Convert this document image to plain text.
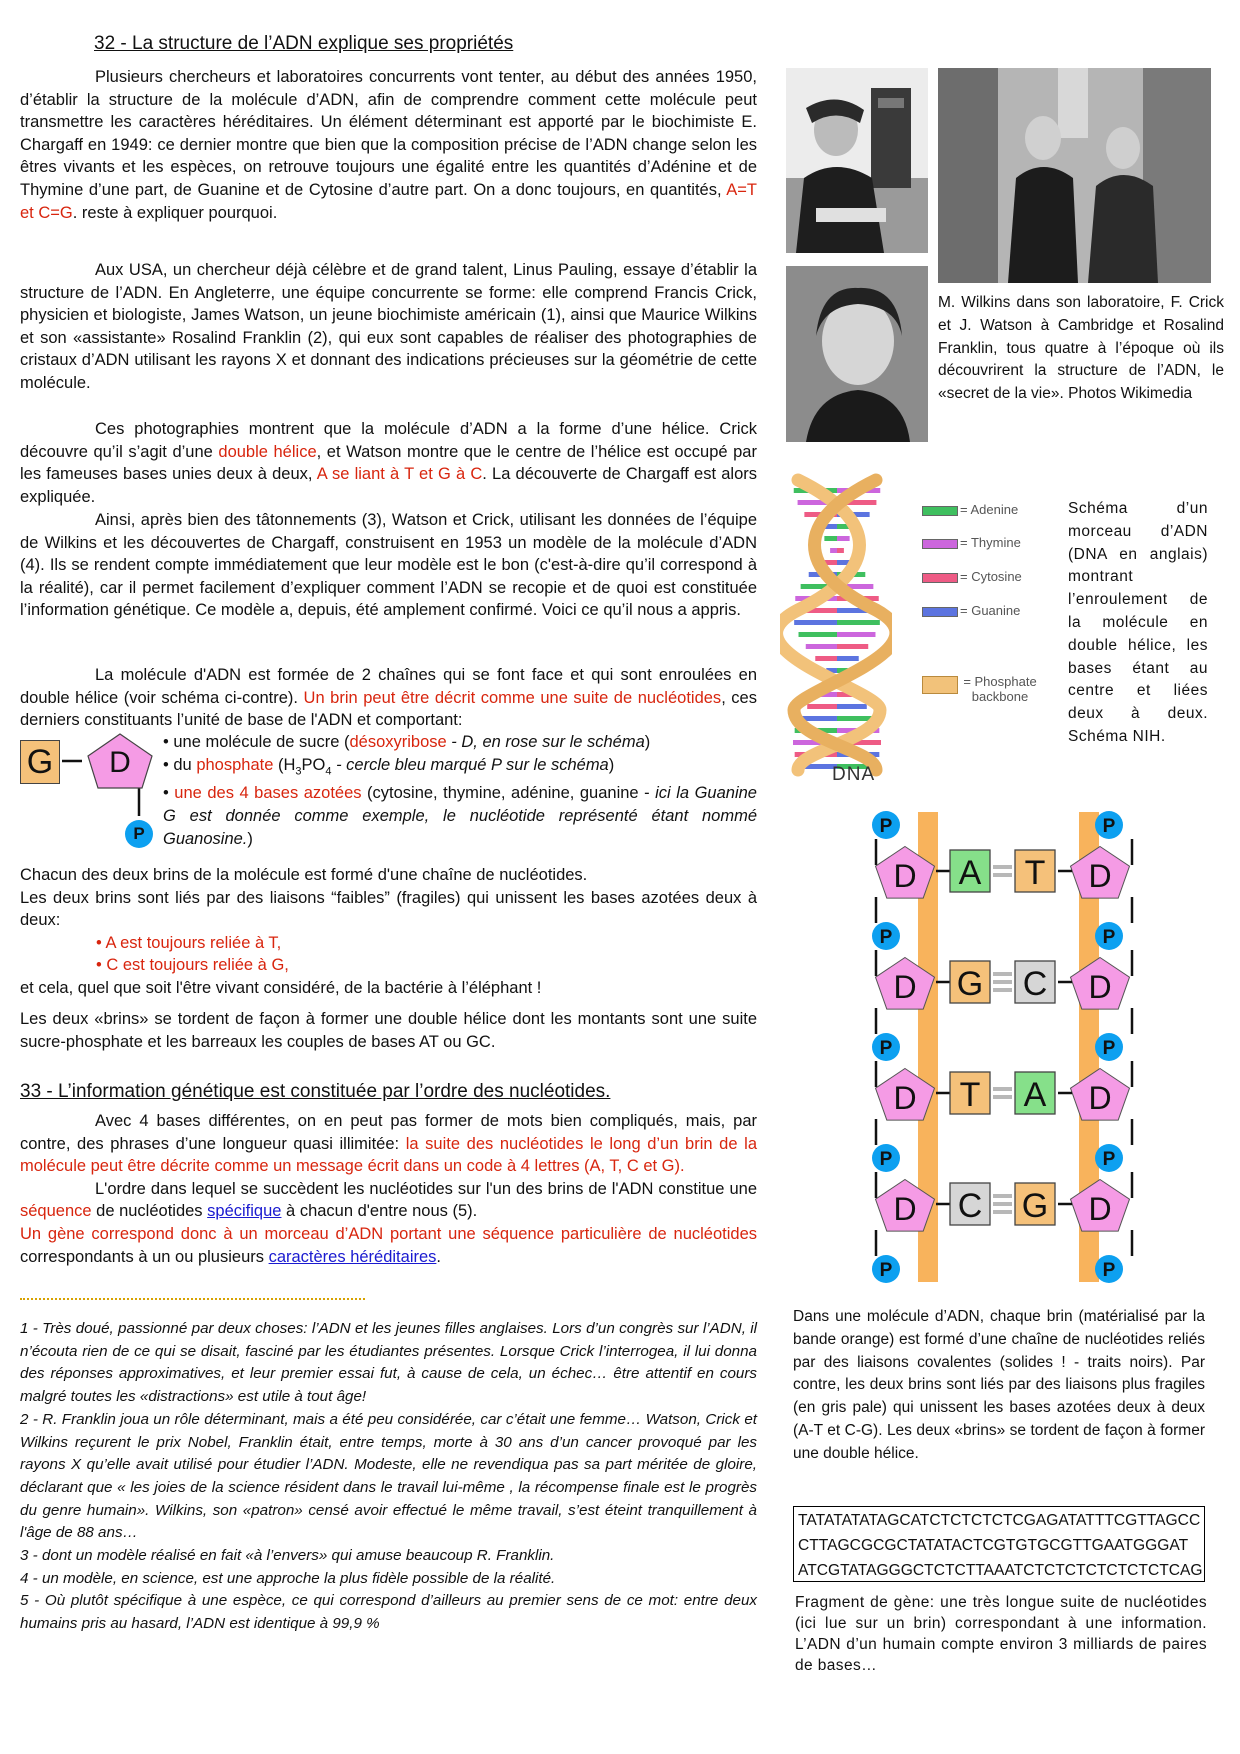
32 - La structure de l’ADN explique ses propriétés

Plusieurs chercheurs et laboratoires concurrents vont tenter, au début des années 1950, d’établir la structure de la molécule d’ADN, afin de comprendre comment cette molécule peut transmettre les caractères héréditaires. Un élément déterminant est apporté par le biochimiste E. Chargaff en 1949: ce dernier montre que bien que la composition précise de l’ADN change selon les êtres vivants et les espèces, on retrouve toujours une égalité entre les quantités d’Adénine et de Thymine d’une part, de Guanine et de Cytosine d’autre part. On a donc toujours, en quantités, A=T et C=G. reste à expliquer pourquoi.

Aux USA, un chercheur déjà célèbre et de grand talent, Linus Pauling, essaye d’établir la structure de l’ADN. En Angleterre, une équipe concurrente se forme: elle comprend Francis Crick, physicien et biologiste, James Watson, un jeune biochimiste américain (1), ainsi que Maurice Wilkins et son «assistante» Rosalind Franklin (2), qui eux sont capables de réaliser des photographies de cristaux d’ADN utilisant les rayons X et donnant des indications précieuses sur la géométrie de cette molécule.

Ces photographies montrent que la molécule d’ADN a la forme d’une hélice. Crick découvre qu’il s’agit d’une double hélice, et Watson montre que le centre de l’hélice est occupé par les fameuses bases unies deux à deux, A se liant à T et G à C. La découverte de Chargaff est alors expliquée.

Ainsi, après bien des tâtonnements (3), Watson et Crick, utilisant les données de l’équipe de Wilkins et les découvertes de Chargaff, construisent en 1953 un modèle de la molécule d’ADN (4). Ils se rendent compte immédiatement que leur modèle est le bon (c'est-à-dire qu’il correspond à la réalité), car il permet facilement d’expliquer comment l’ADN se recopie et de quoi est constituée l’information génétique. Ce modèle a, depuis, été amplement confirmé. Voici ce qu’il nous a appris.

La molécule d'ADN est formée de 2 chaînes qui se font face et qui sont enroulées en double hélice (voir schéma ci-contre). Un brin peut être décrit comme une suite de nucléotides, ces derniers constituants l’unité de base de l'ADN et comportant:

G D
P
• une molécule de sucre (désoxyribose - D, en rose sur le schéma)
• du phosphate ($H_3PO_4$ - cercle bleu marqué P sur le schéma)
• une des 4 bases azotées (cytosine, thymine, adénine, guanine - ici la Guanine G est donnée comme exemple, le nucléotide représenté étant nommé Guanosine.)

Chacun des deux brins de la molécule est formé d'une chaîne de nucléotides.

Les deux brins sont liés par des liaisons “faibles” (fragiles) qui unissent les bases azotées deux à deux:

• A est toujours reliée à T,
• C est toujours reliée à G,

et cela, quel que soit l'être vivant considéré, de la bactérie à l’éléphant !

Les deux «brins» se tordent de façon à former une double hélice dont les montants sont une suite sucre-phosphate et les barreaux les couples de bases AT ou GC.

33 - L’information génétique est constituée par l’ordre des nucléotides.

Avec 4 bases différentes, on en peut pas former de mots bien compliqués, mais, par contre, des phrases d’une longueur quasi illimitée: la suite des nucléotides le long d’un brin de la molécule peut être décrite comme un message écrit dans un code à 4 lettres (A, T, C et G).

L'ordre dans lequel se succèdent les nucléotides sur l'un des brins de l'ADN constitue une séquence de nucléotides spécifique à chacun d'entre nous (5).

Un gène correspond donc à un morceau d’ADN portant une séquence particulière de nucléotides correspondants à un ou plusieurs caractères héréditaires.

1 - Très doué, passionné par deux choses: l’ADN et les jeunes filles anglaises. Lors d’un congrès sur l’ADN, il n’écouta rien de ce qui se disait, fasciné par les étudiantes présentes. Lorsque Crick l’interrogea, il lui donna des réponses approximatives, et leur premier essai fut, à cause de cela, un échec… être attentif en cours malgré toutes les «distractions» est utile à tout âge!

2 - R. Franklin joua un rôle déterminant, mais a été peu considérée, car c’était une femme… Watson, Crick et Wilkins reçurent le prix Nobel, Franklin était, entre temps, morte à 30 ans d’un cancer provoqué par les rayons X qu’elle avait utilisé pour étudier l’ADN. Modeste, elle ne revendiqua pas sa part méritée de gloire, déclarant que « les joies de la science résident dans le travail lui-même , la récompense finale est le progrès du genre humain». Wilkins, son «patron» censé avoir effectué le même travail, s’est éteint tranquillement à l'âge de 88 ans…

3 - dont un modèle réalisé en fait «à l’envers» qui amuse beaucoup R. Franklin.

4 - un modèle, en science, est une approche la plus fidèle possible de la réalité.

5 - Où plutôt spécifique à une espèce, ce qui correspond d’ailleurs au premier sens de ce mot: entre deux humains pris au hasard, l’ADN est identique à 99,9 %

M. Wilkins dans son laboratoire, F. Crick et J. Watson à Cambridge et Rosalind Franklin, tous quatre à l’époque où ils découvrirent la structure de l’ADN, le «secret de la vie». Photos Wikimedia

DNA
= Adenine
= Thymine
= Cytosine
= Guanine
= Phosphate backbone

Schéma d’un morceau d’ADN (DNA en anglais) montrant l’enroulement de la molécule en double hélice, les bases étant au centre et liées deux à deux. Schéma NIH.

P	P
D	D
A T
P	P
D	D
G C
P	P
D	D
T A
P	P
D	D
C G
P	P

Dans une molécule d’ADN, chaque brin (matérialisé par la bande orange) est formé d’une chaîne de nucléotides reliés par des liaisons covalentes (solides ! - traits noirs). Par contre, les deux brins sont liés par des liaisons plus fragiles (en gris pale) qui unissent les bases azotées deux à deux (A-T et C-G). Les deux «brins» se tordent de façon à former une double hélice.

TATATATATAGCATCTCTCTCTCGAGATATTTCGTTAGCC
CTTAGCGCGCTATATACTCGTGTGCGTTGAATGGGAT
ATCGTATAGGGCTCTCTTAAATCTCTCTCTCTCTCTCAG

Fragment de gène: une très longue suite de nucléotides (ici lue sur un brin) correspondant à une information. L’ADN d’un humain compte environ 3 milliards de paires de bases…
